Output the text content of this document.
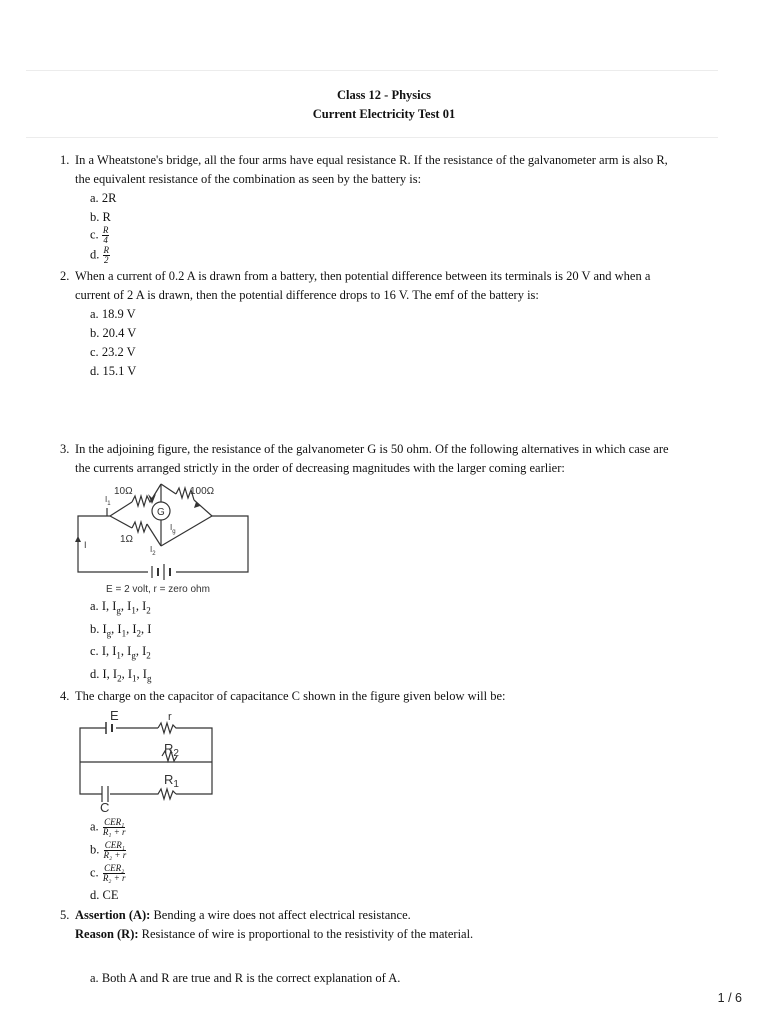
Class 12 - Physics
Current Electricity Test 01
1. In a Wheatstone's bridge, all the four arms have equal resistance R. If the resistance of the galvanometer arm is also R,
the equivalent resistance of the combination as seen by the battery is:
a. 2R
b. R
c. $\frac{R}{4}$
d. $\frac{R}{2}$
2. When a current of 0.2 A is drawn from a battery, then potential difference between its terminals is 20 V and when a
current of 2 A is drawn, then the potential difference drops to 16 V. The emf of the battery is:
a. 18.9 V
b. 20.4 V
c. 23.2 V
d. 15.1 V
3. In the adjoining figure, the resistance of the galvanometer G is 50 ohm. Of the following alternatives in which case are
the currents arranged strictly in the order of decreasing magnitudes with the larger coming earlier:
10Ω	100Ω
1Ω
G
$I_1$
$I_2$
$I_g$
I
E = 2 volt, r = zero ohm
a. I, $I_g$, $I_1$, $I_2$
b. $I_g$, $I_1$, $I_2$, I
c. I, $I_1$, $I_g$, $I_2$
d. I, $I_2$, $I_1$, $I_g$
4. The charge on the capacitor of capacitance C shown in the figure given below will be:
E	r
$R_2$
$R_1$
C
a. $\frac{\text{CER₁}}{\text{R₁ + r}}$
b. $\frac{\text{CER₁}}{\text{R₂ + r}}$
c. $\frac{\text{CER₂}}{\text{R₂ + r}}$
d. CE
5. Assertion (A): Bending a wire does not affect electrical resistance.
Reason (R): Resistance of wire is proportional to the resistivity of the material.
a. Both A and R are true and R is the correct explanation of A.
1 / 6
